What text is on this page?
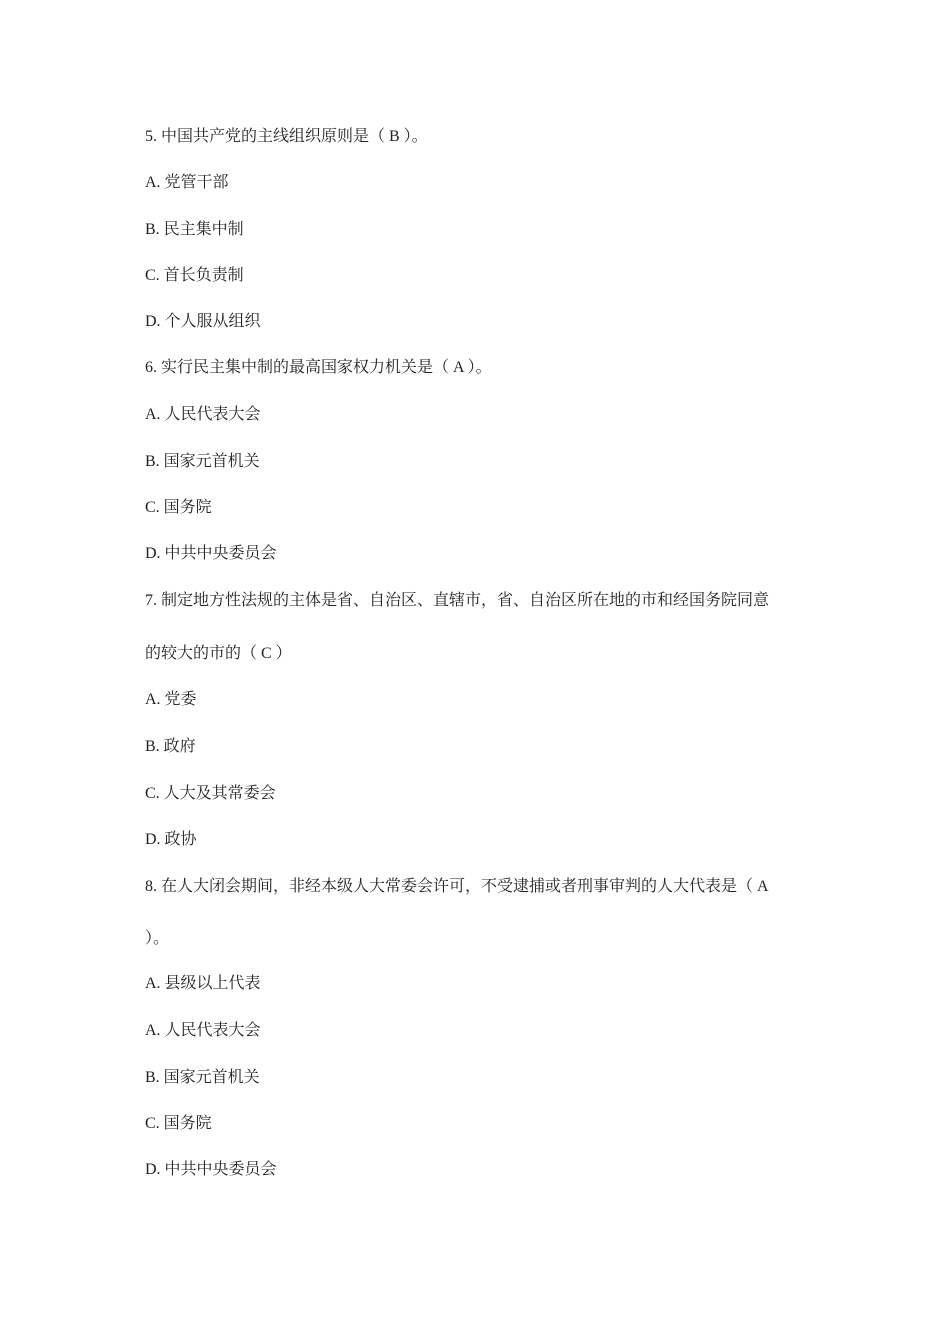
5. 中国共产党的主线组织原则是（ B ）。
A. 党管干部
B. 民主集中制
C. 首长负责制
D. 个人服从组织
6. 实行民主集中制的最高国家权力机关是（ A ）。
A. 人民代表大会
B. 国家元首机关
C. 国务院
D. 中共中央委员会
7. 制定地方性法规的主体是省、自治区、直辖市，省、自治区所在地的市和经国务院同意
的较大的市的（ C ）
A. 党委
B. 政府
C. 人大及其常委会
D. 政协
8. 在人大闭会期间，非经本级人大常委会许可，不受逮捕或者刑事审判的人大代表是（ A
）。
A. 县级以上代表
A. 人民代表大会
B. 国家元首机关
C. 国务院
D. 中共中央委员会
